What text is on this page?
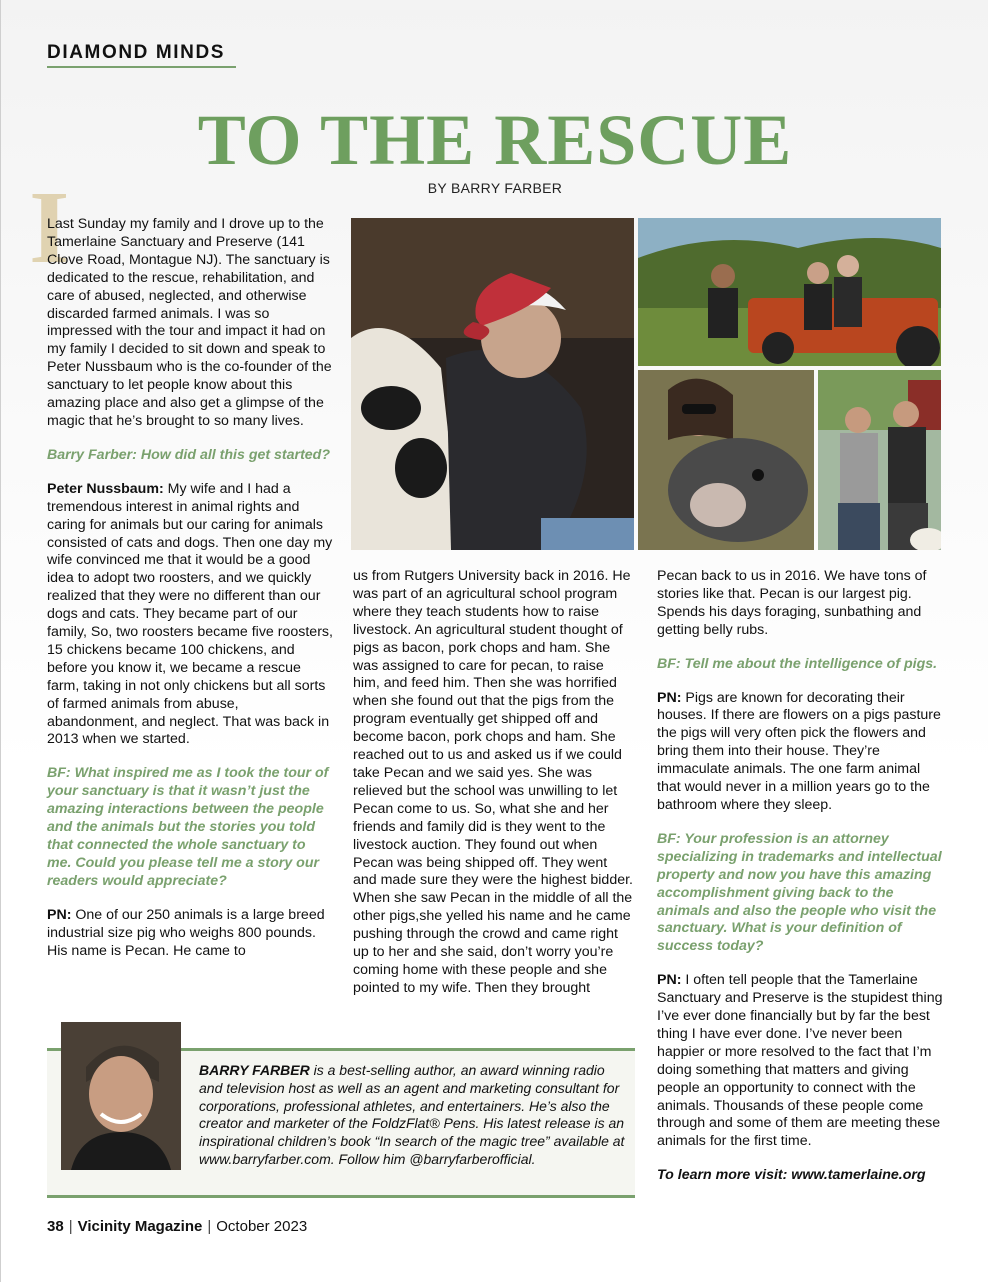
DIAMOND MINDS
TO THE RESCUE
BY BARRY FARBER
I

Last Sunday my family and I drove up to the Tamerlaine Sanctuary and Preserve (141 Clove Road, Montague NJ). The sanctuary is dedicated to the rescue, rehabilitation, and care of abused, neglected, and otherwise discarded farmed animals. I was so impressed with the tour and impact it had on my family I decided to sit down and speak to Peter Nussbaum who is the co-founder of the sanctuary to let people know about this amazing place and also get a glimpse of the magic that he’s brought to so many lives.

Barry Farber: How did all this get started?

Peter Nussbaum: My wife and I had a tremendous interest in animal rights and caring for animals but our caring for animals consisted of cats and dogs. Then one day my wife convinced me that it would be a good idea to adopt two roosters, and we quickly realized that they were no different than our dogs and cats. They became part of our family, So, two roosters became five roosters, 15 chickens became 100 chickens, and before you know it, we became a rescue farm, taking in not only chickens but all sorts of farmed animals from abuse, abandonment, and neglect. That was back in 2013 when we started.

BF: What inspired me as I took the tour of your sanctuary is that it wasn’t just the amazing interactions between the people and the animals but the stories you told that connected the whole sanctuary to me. Could you please tell me a story our readers would appreciate?

PN: One of our 250 animals is a large breed industrial size pig who weighs 800 pounds. His name is Pecan. He came to

us from Rutgers University back in 2016. He was part of an agricultural school program where they teach students how to raise livestock. An agricultural student thought of pigs as bacon, pork chops and ham. She was assigned to care for pecan, to raise him, and feed him. Then she was horrified when she found out that the pigs from the program eventually get shipped off and become bacon, pork chops and ham. She reached out to us and asked us if we could take Pecan and we said yes. She was relieved but the school was unwilling to let Pecan come to us. So, what she and her friends and family did is they went to the livestock auction. They found out when Pecan was being shipped off. They went and made sure they were the highest bidder. When she saw Pecan in the middle of all the other pigs,she yelled his name and he came pushing through the crowd and came right up to her and she said, don’t worry you’re coming home with these people and she pointed to my wife. Then they brought

Pecan back to us in 2016. We have tons of stories like that. Pecan is our largest pig. Spends his days foraging, sunbathing and getting belly rubs.

BF: Tell me about the intelligence of pigs.

PN: Pigs are known for decorating their houses. If there are flowers on a pigs pasture the pigs will very often pick the flowers and bring them into their house. They’re immaculate animals. The one farm animal that would never in a million years go to the bathroom where they sleep.

BF: Your profession is an attorney specializing in trademarks and intellectual property and now you have this amazing accomplishment giving back to the animals and also the people who visit the sanctuary. What is your definition of success today?

PN: I often tell people that the Tamerlaine Sanctuary and Preserve is the stupidest thing I’ve ever done financially but by far the best thing I have ever done. I’ve never been happier or more resolved to the fact that I’m doing something that matters and giving people an opportunity to connect with the animals. Thousands of these people come through and some of them are meeting these animals for the first time.

To learn more visit: www.tamerlaine.org

BARRY FARBER is a best-selling author, an award winning radio and television host as well as an agent and marketing consultant for corporations, professional athletes, and entertainers. He’s also the creator and marketer of the FoldzFlat® Pens. His latest release is an inspirational children’s book “In search of the magic tree” available at www.barryfarber.com. Follow him @barryfarberofficial.
38 | Vicinity Magazine | October 2023
